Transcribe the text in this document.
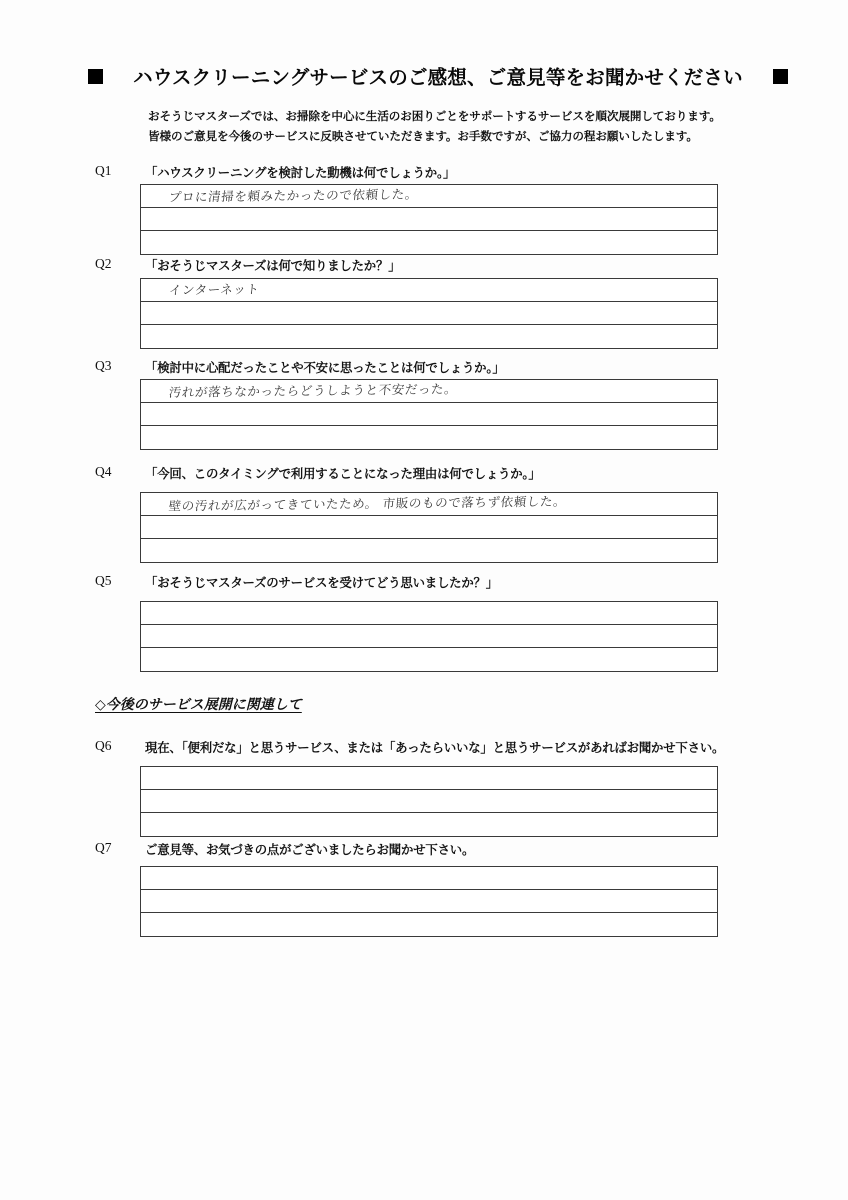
ハウスクリーニングサービスのご感想、ご意見等をお聞かせください
おそうじマスターズでは、お掃除を中心に生活のお困りごとをサポートするサービスを順次展開しております。
皆様のご意見を今後のサービスに反映させていただきます。お手数ですが、ご協力の程お願いしたします。
Q1	「ハウスクリーニングを検討した動機は何でしょうか。」
プロに清掃を頼みたかったので依頼した。
Q2	「おそうじマスターズは何で知りましたか？」
インターネット
Q3	「検討中に心配だったことや不安に思ったことは何でしょうか。」
汚れが落ちなかったらどうしようと不安だった。
Q4	「今回、このタイミングで利用することになった理由は何でしょうか。」
壁の汚れが広がってきていたため。 市販のもので落ちず依頼した。
Q5	「おそうじマスターズのサービスを受けてどう思いましたか？」
◇今後のサービス展開に関連して
Q6	現在、「便利だな」と思うサービス、または「あったらいいな」と思うサービスがあればお聞かせ下さい。
Q7	ご意見等、お気づきの点がございましたらお聞かせ下さい。
